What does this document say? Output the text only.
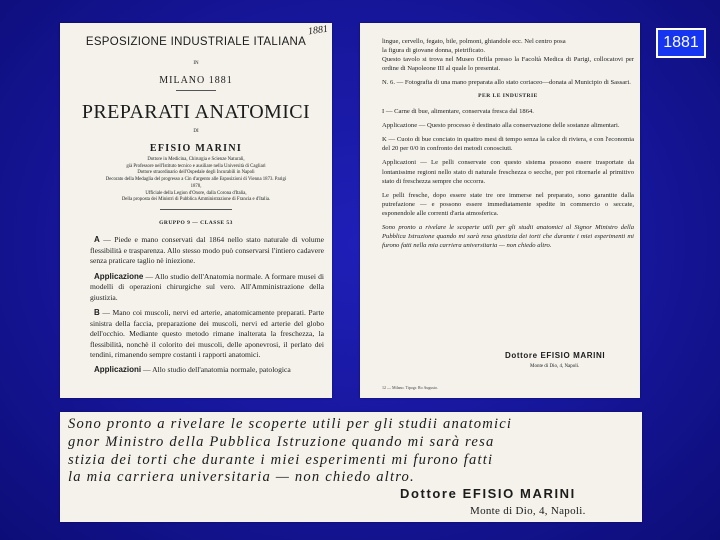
1881
1881
ESPOSIZIONE INDUSTRIALE ITALIANA
IN
MILANO 1881
PREPARATI ANATOMICI
DI
EFISIO MARINI
Dottore in Medicina, Chirurgia e Scienze Naturali,
già Professore nell'Istituto tecnico e ausiliare nella Università di Cagliari
Dottore straordinario dell'Ospedale degli Incurabili in Napoli
Decorato della Medaglia del progresso a Cin d'argento alle Esposizioni di Vienna 1873. Parigi 1878,
Ufficiale della Legion d'Onore, dalla Corona d'Italia,
Della proposta dei Ministri di Pubblica Amministrazione di Francia e d'Italia.
GRUPPO 9 — CLASSE 53

A — Piede e mano conservati dal 1864 nello stato naturale di volume flessibilità e trasparenza. Allo stesso modo può conservarsi l'intiero cadavere senza praticare taglio nè iniezione.

Applicazione — Allo studio dell'Anatomia normale. A formare musei di modelli di operazioni chirurgiche sul vero. All'Amministrazione della giustizia.

B — Mano coi muscoli, nervi ed arterie, anatomicamente preparati. Parte sinistra della faccia, preparazione dei muscoli, nervi ed arterie del globo dell'occhio. Mediante questo metodo rimane inalterata la freschezza, la flessibilità, nonchè il colorito dei muscoli, delle aponevrosi, il perlato dei tendini, rimanendo sempre costanti i rapporti anatomici.

Applicazioni — Allo studio dell'anatomia normale, patologica

lingue, cervello, fegato, bile, polmoni, ghiandole ecc. Nel centro posa

la figura di giovane donna, pietrificato.

Questo tavolo si trova nel Museo Orfila presso la Facoltà Medica di Parigi, collocatovi per ordine di Napoleone III al quale lo presentai.

N. 6. — Fotografia di una mano preparata allo stato coriaceo—donata al Municipio di Sassari.

PER LE INDUSTRIE

I — Carne di bue, alimentare, conservata fresca dal 1864.

Applicazione — Questo processo è destinato alla conservazione delle sostanze alimentari.

K — Cuoio di bue conciato in quattro mesi di tempo senza la calce di riviera, e con l'economia del 20 per 0/0 in confronto dei metodi conosciuti.

Applicazioni — Le pelli conservate con questo sistema possono essere trasportate da lontanissime regioni nello stato di naturale freschezza o secche, per poi ritornarle al primitivo stato di freschezza sempre che occorra.

Le pelli fresche, dopo essere state tre ore immerse nel preparato, sono garantite dalla putrefazione — e possono essere immediatamente spedite in commercio o seccate, esponendole alle correnti d'aria atmosferica.

Sono pronto a rivelare le scoperte utili per gli studii anatomici al Signor Ministro della Pubblica Istruzione quando mi sarà resa giustizia dei torti che durante i miei esperimenti mi furono fatti nella mia carriera universitaria — non chiedo altro.

Dottore EFISIO MARINI
Monte di Dio, 4, Napoli.
12 — Milano. Tipogr. Ro Augusto.
Sono pronto a rivelare le scoperte utili per gli studii anatomici
gnor Ministro della Pubblica Istruzione quando mi sarà resa
stizia dei torti che durante i miei esperimenti mi furono fatti
la mia carriera universitaria — non chiedo altro.
Dottore EFISIO MARINI
Monte di Dio, 4, Napoli.
